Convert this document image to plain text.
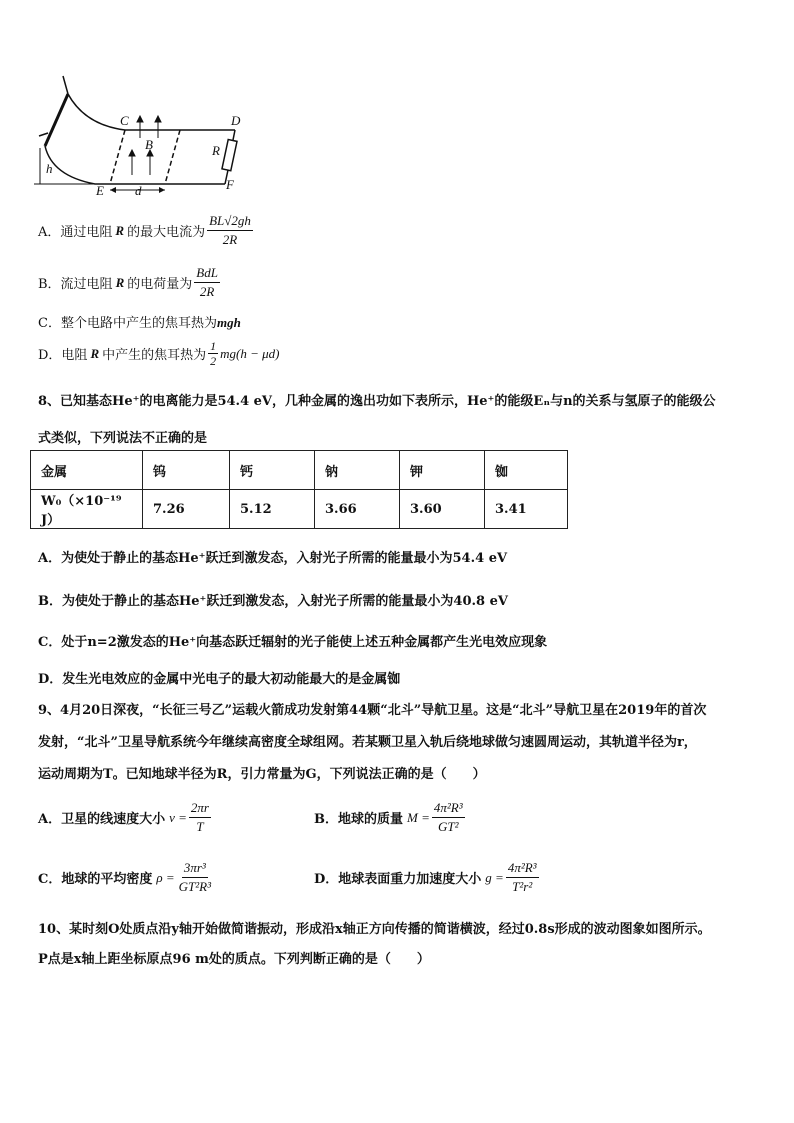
C	D
B	R
h
E d	F
A．通过电阻 R 的最大电流为 $\frac{BL√2gh}{2R}$
B．流过电阻 R 的电荷量为 $\frac{\text{BdL}}{2R}$
C．整个电路中产生的焦耳热为mgh
D．电阻 R 中产生的焦耳热为 $\frac{1}{2} mg(h - \mu d)$
8、已知基态He⁺的电离能力是54.4 eV，几种金属的逸出功如下表所示，He⁺的能级Eₙ与n的关系与氢原子的能级公
式类似，下列说法不正确的是
金属	钨	钙	钠	钾	铷
W₀（×10⁻¹⁹ J）	7.26	5.12	3.66	3.60	3.41
A．为使处于静止的基态He⁺跃迁到激发态，入射光子所需的能量最小为54.4 eV
B．为使处于静止的基态He⁺跃迁到激发态，入射光子所需的能量最小为40.8 eV
C．处于n=2激发态的He⁺向基态跃迁辐射的光子能使上述五种金属都产生光电效应现象
D．发生光电效应的金属中光电子的最大初动能最大的是金属铷
9、4月20日深夜，“长征三号乙”运载火箭成功发射第44颗“北斗”导航卫星。这是“北斗”导航卫星在2019年的首次
发射，“北斗”卫星导航系统今年继续高密度全球组网。若某颗卫星入轨后绕地球做匀速圆周运动，其轨道半径为r，
运动周期为T。已知地球半径为R，引力常量为G，下列说法正确的是（　　）
A．卫星的线速度大小 $v = \frac{2\pi r}{T}$	B．地球的质量 $M = \frac{\text{4π²R³}}{\text{GT²}}$
C．地球的平均密度 $\rho = \frac{\text{3πr³}}{\text{GT²R³}}$	D．地球表面重力加速度大小 $g = \frac{\text{4π²R³}}{\text{T²r²}}$
10、某时刻O处质点沿y轴开始做简谐振动，形成沿x轴正方向传播的简谐横波，经过0.8s形成的波动图象如图所示。
P点是x轴上距坐标原点96 m处的质点。下列判断正确的是（　　）
